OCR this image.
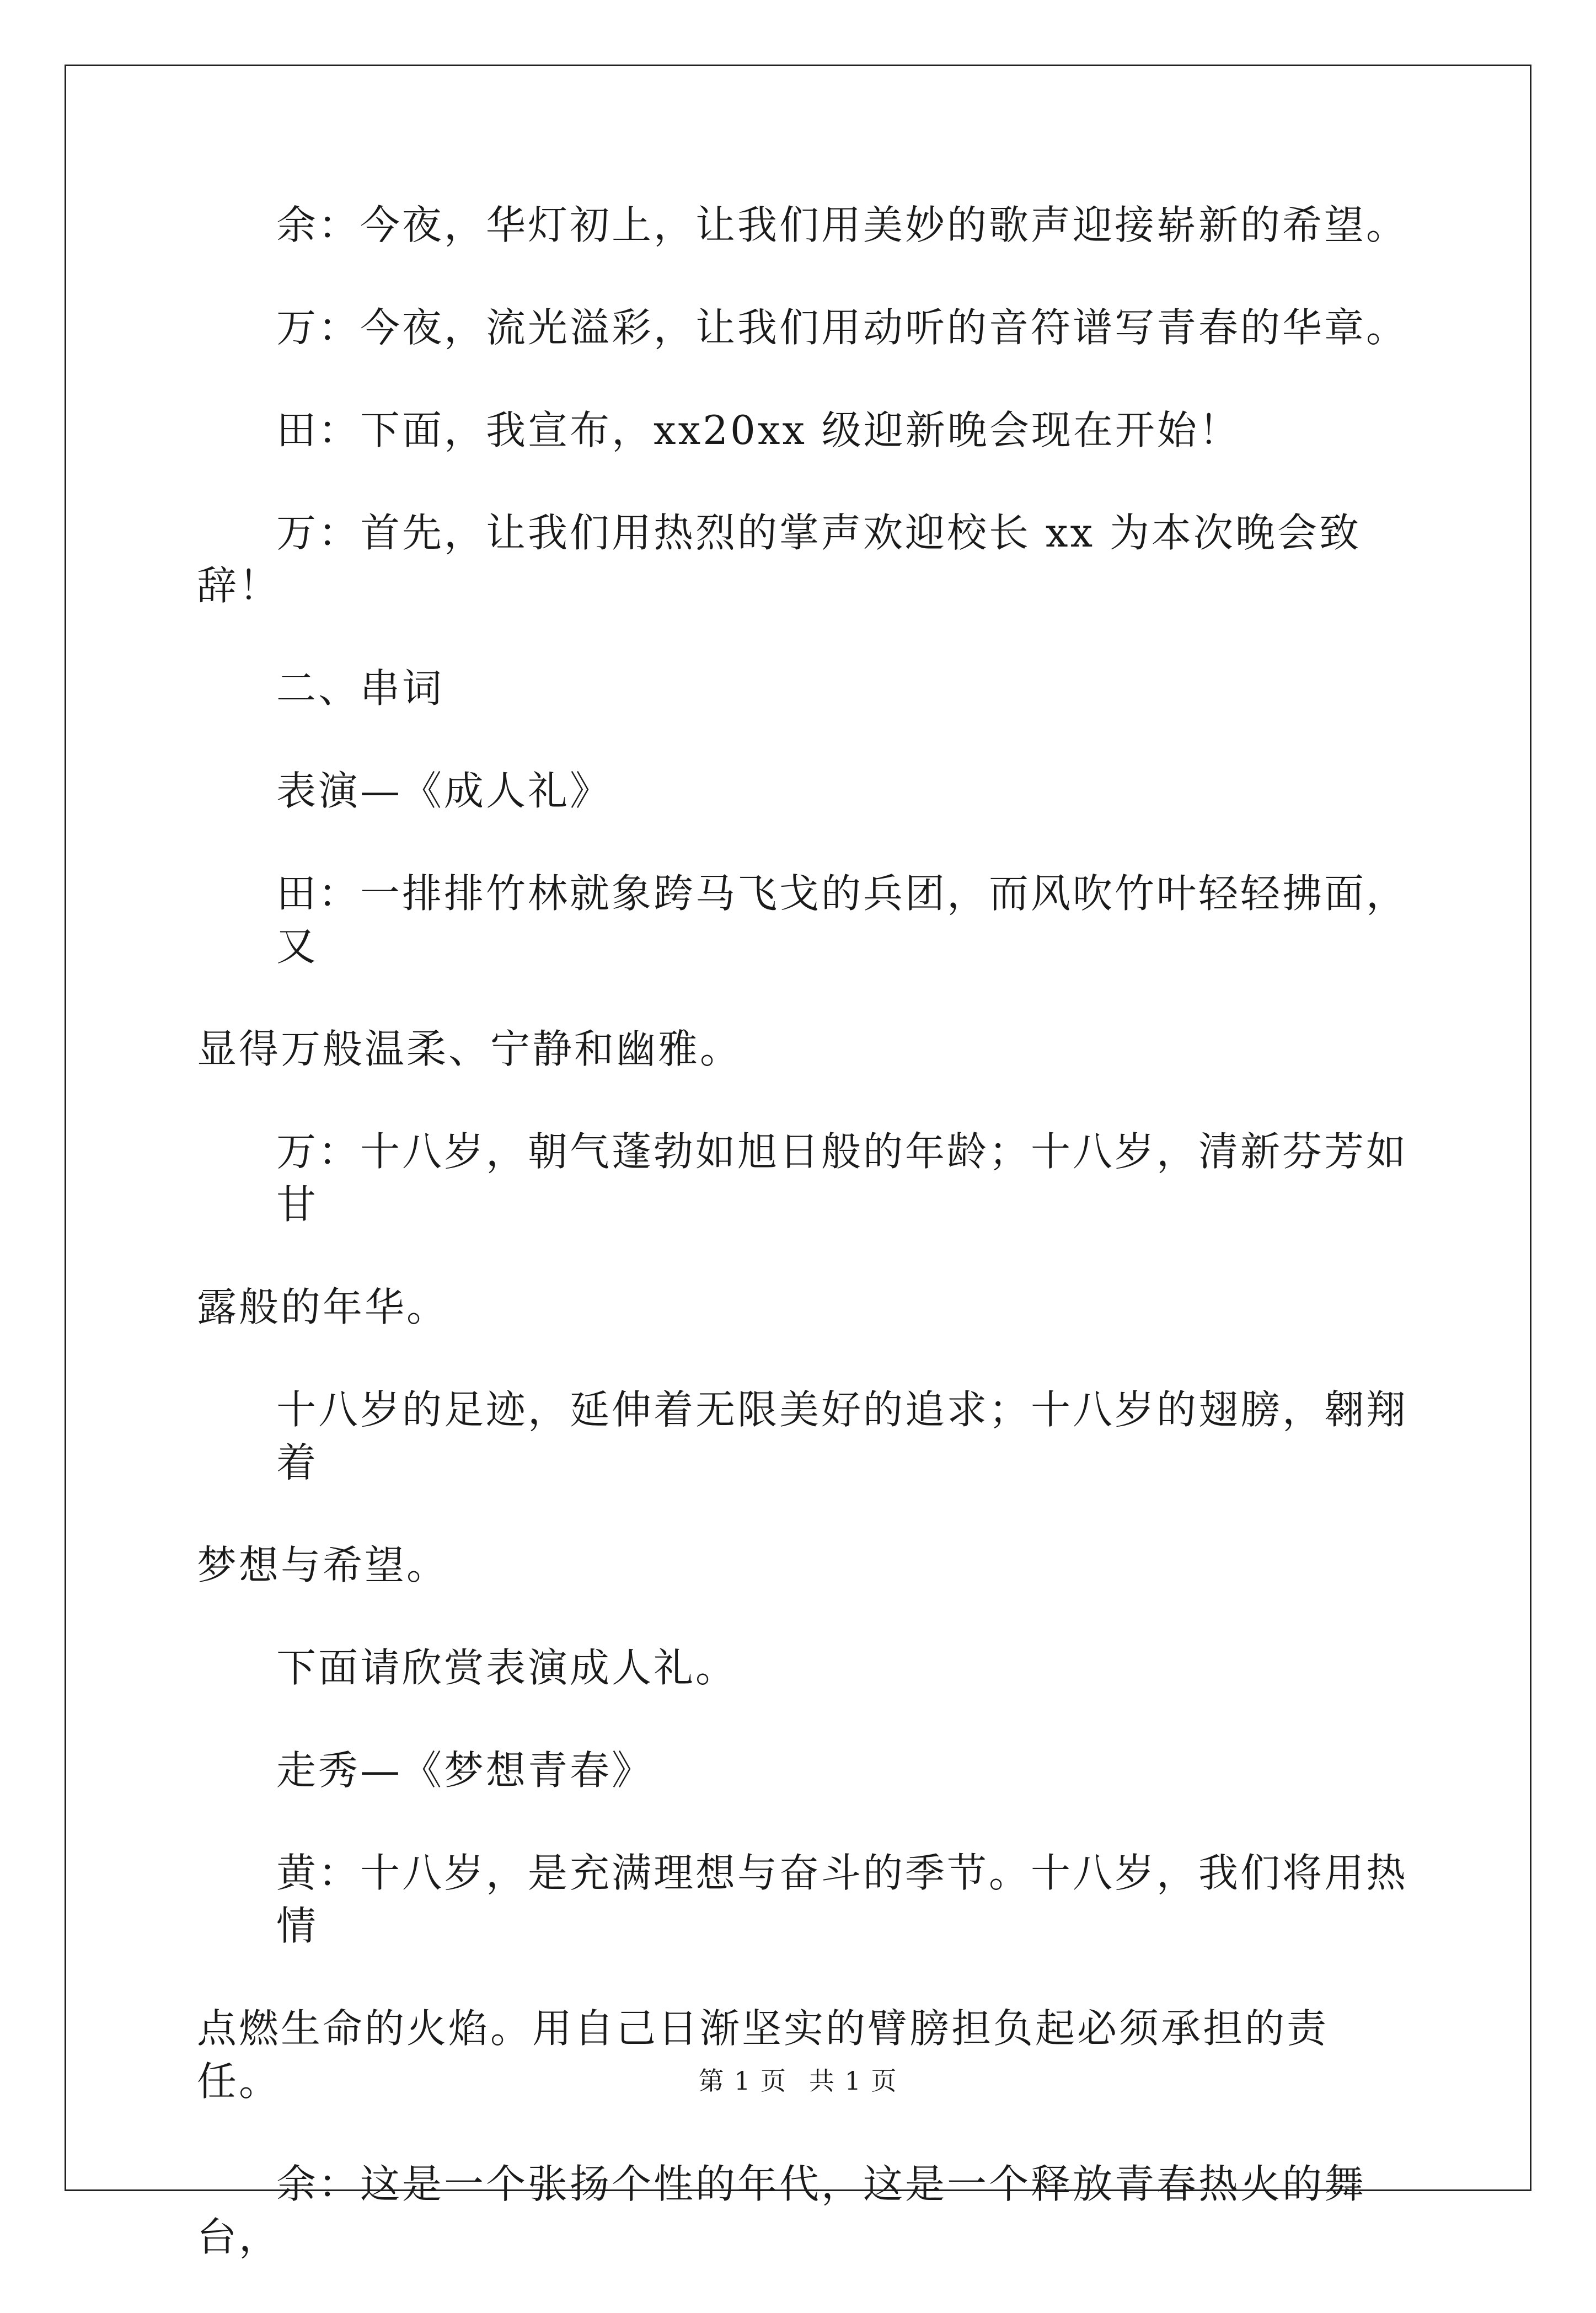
余：今夜，华灯初上，让我们用美妙的歌声迎接崭新的希望。

万：今夜，流光溢彩，让我们用动听的音符谱写青春的华章。

田：下面，我宣布，xx20xx 级迎新晚会现在开始！

万：首先，让我们用热烈的掌声欢迎校长 xx 为本次晚会致辞！

二、串词

表演—《成人礼》

田：一排排竹林就象跨马飞戈的兵团，而风吹竹叶轻轻拂面，又
显得万般温柔、宁静和幽雅。

万：十八岁，朝气蓬勃如旭日般的年龄；十八岁，清新芬芳如甘
露般的年华。

十八岁的足迹，延伸着无限美好的追求；十八岁的翅膀，翱翔着
梦想与希望。

下面请欣赏表演成人礼。

走秀—《梦想青春》

黄：十八岁，是充满理想与奋斗的季节。十八岁，我们将用热情
点燃生命的火焰。用自己日渐坚实的臂膀担负起必须承担的责任。

余：这是一个张扬个性的年代，这是一个释放青春热火的舞台，

第 1 页 共 1 页
